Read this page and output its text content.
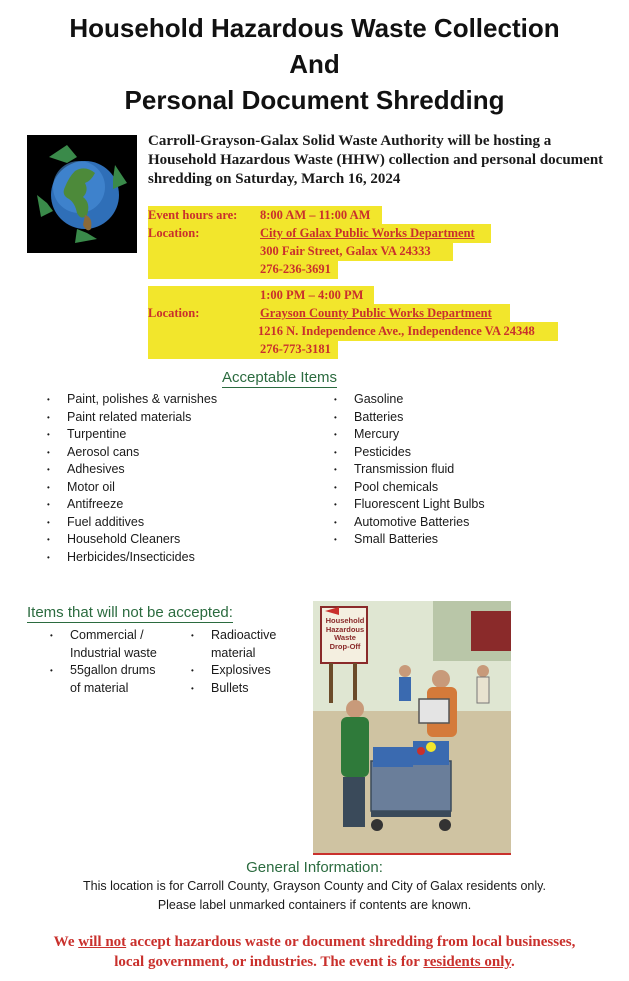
Household Hazardous Waste Collection
And
Personal Document Shredding
Carroll-Grayson-Galax Solid Waste Authority will be hosting a Household Hazardous Waste (HHW) collection and personal document shredding on Saturday, March 16, 2024
Event hours are: 8:00 AM – 11:00 AM
Location:	City of Galax Public Works Department
300 Fair Street, Galax VA 24333
276-236-3691
1:00 PM – 4:00 PM
Location:	Grayson County Public Works Department
1216 N. Independence Ave., Independence VA 24348
276-773-3181
Acceptable Items
• Paint, polishes & varnishes
• Paint related materials
• Turpentine
• Aerosol cans
• Adhesives
• Motor oil
• Antifreeze
• Fuel additives
• Household Cleaners
• Herbicides/Insecticides
• Gasoline
• Batteries
• Mercury
• Pesticides
• Transmission fluid
• Pool chemicals
• Fluorescent Light Bulbs
• Automotive Batteries
• Small Batteries
Items that will not be accepted:
• Commercial /
Industrial waste
• 55gallon drums
of material
• Radioactive
material
• Explosives
• Bullets
Household
Hazardous
Waste
Drop-Off
General Information:
This location is for Carroll County, Grayson County and City of Galax residents only.
Please label unmarked containers if contents are known.
We will not accept hazardous waste or document shredding from local businesses,
local government, or industries. The event is for residents only.
